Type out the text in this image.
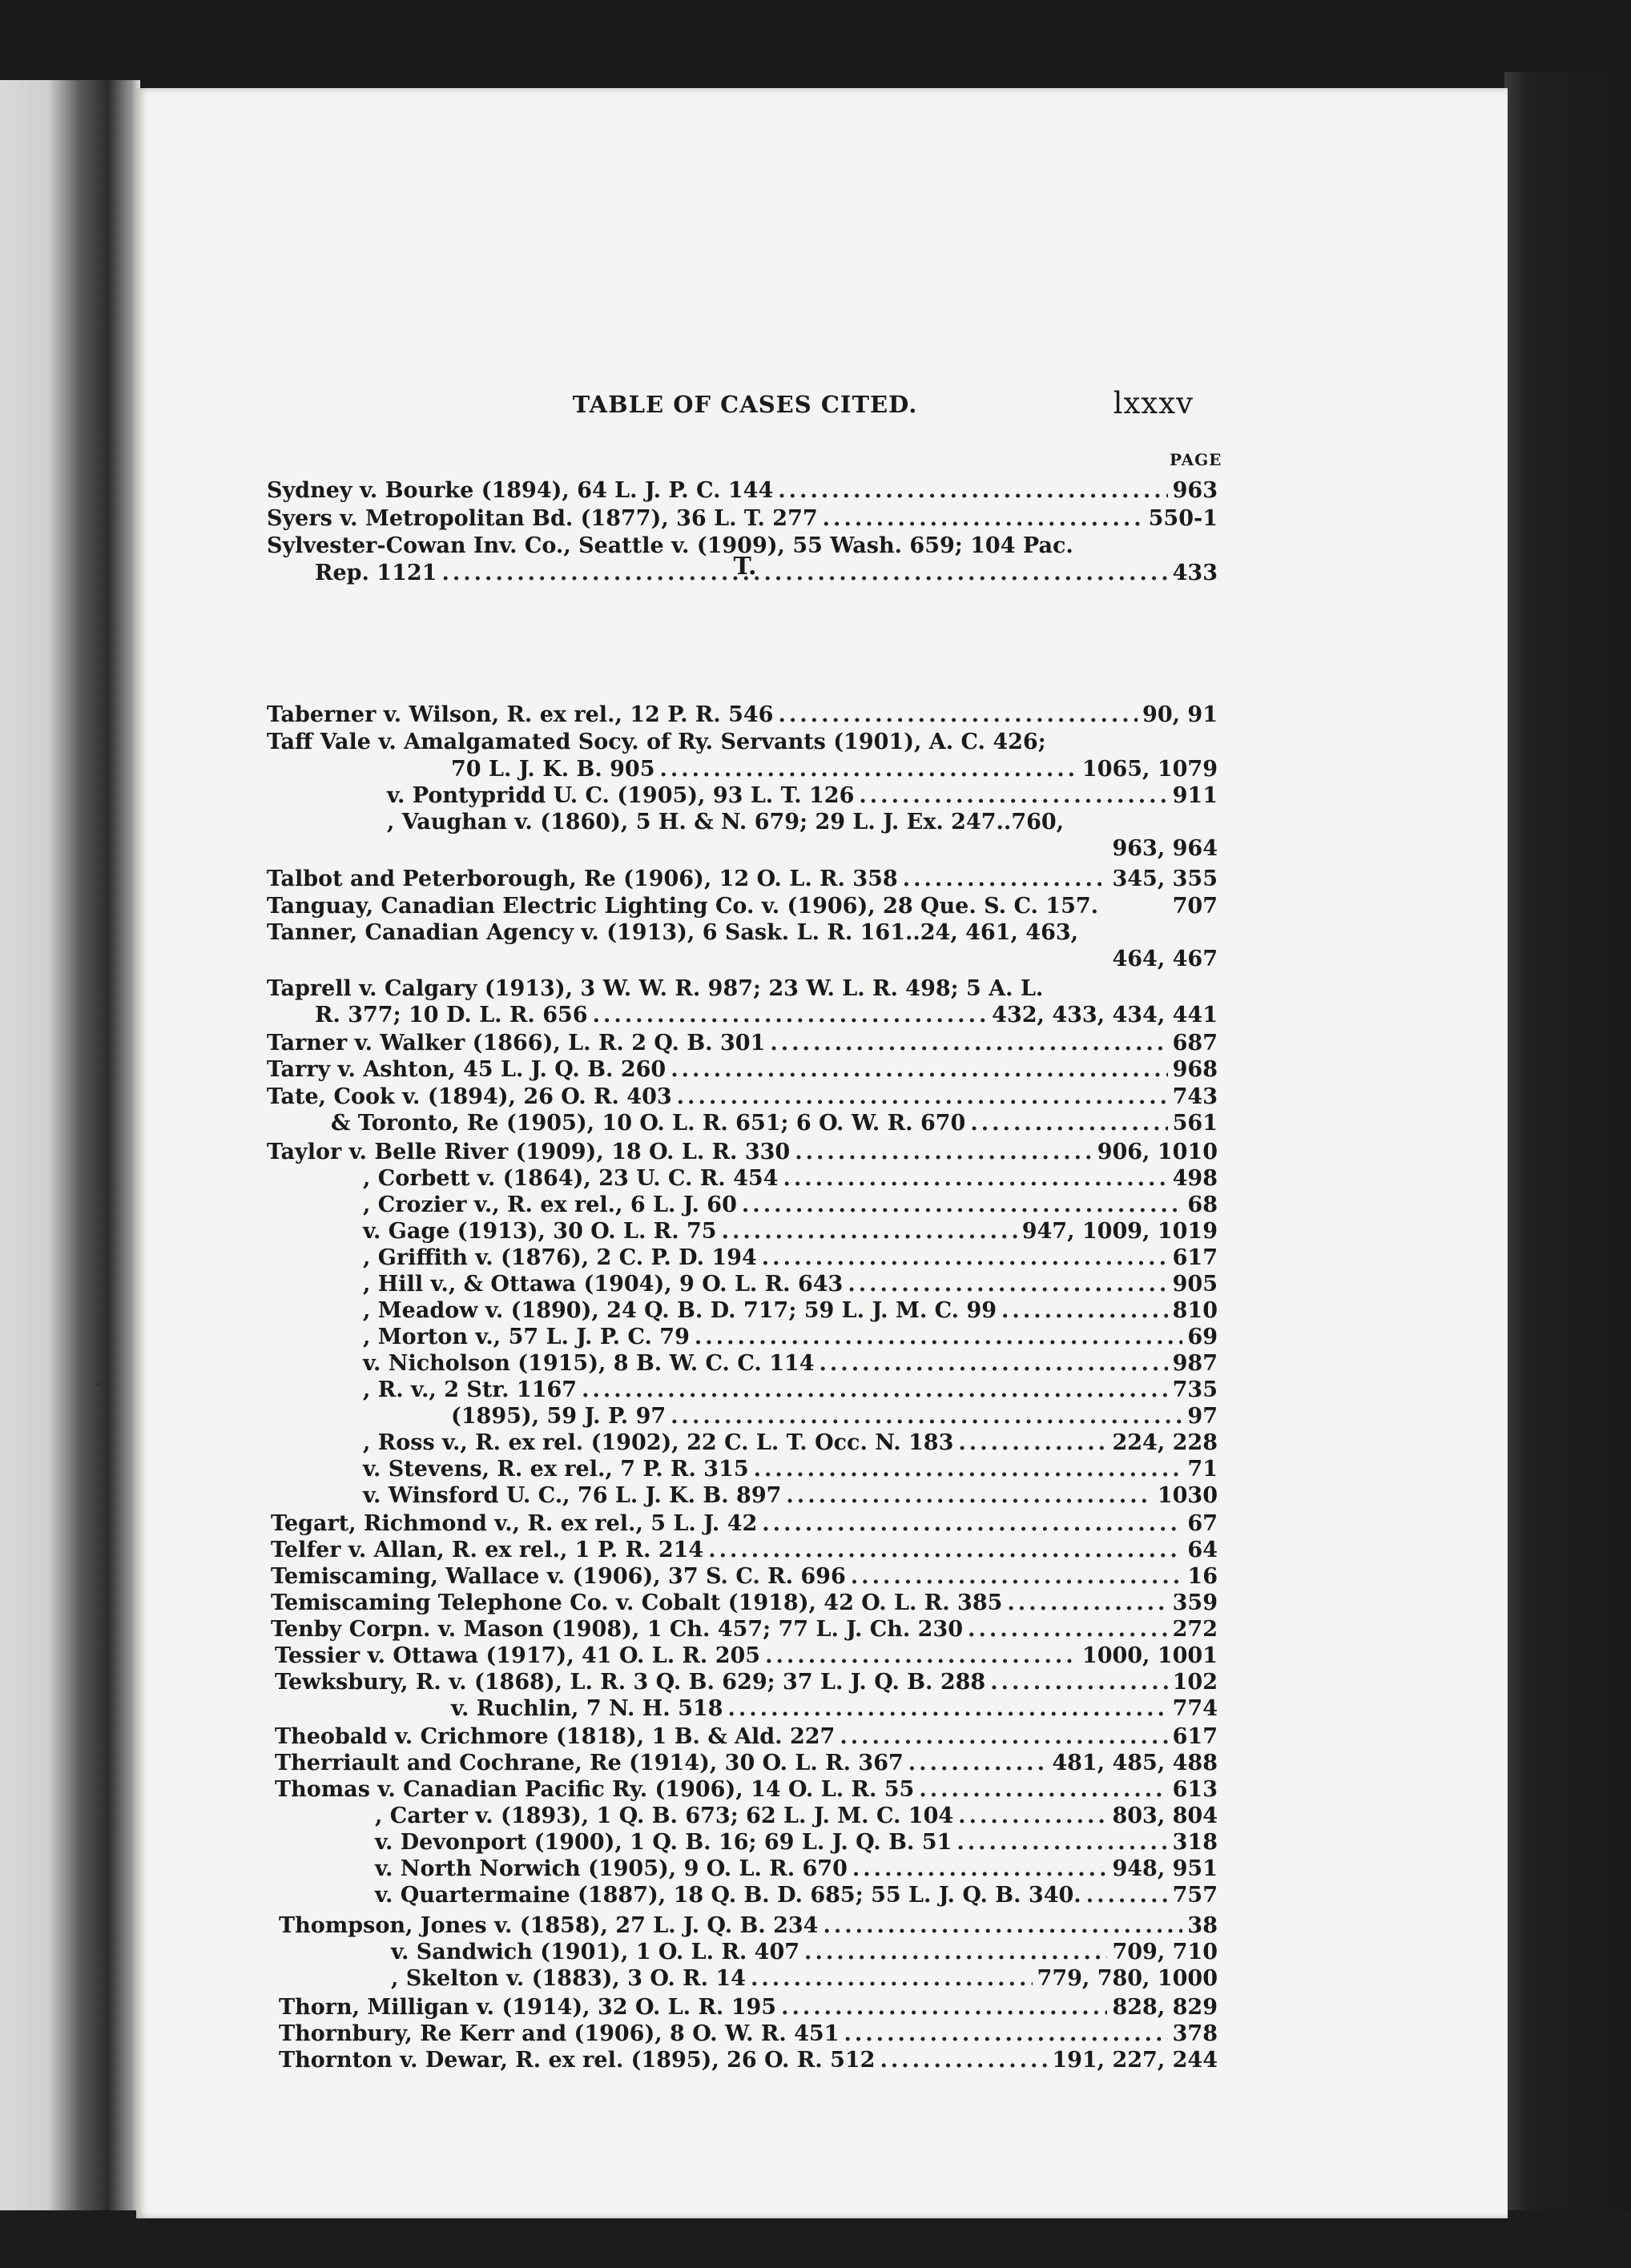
TABLE OF CASES CITED.	lxxxv
PAGE
T.
Sydney v. Bourke (1894), 64 L. J. P. C. 144 .....	963
Syers v. Metropolitan Bd. (1877), 36 L. T. 277 .....	550-1
Sylvester-Cowan Inv. Co., Seattle v. (1909), 55 Wash. 659; 104 Pac.
Rep. 1121 .....	433
Taberner v. Wilson, R. ex rel., 12 P. R. 546 .....	90, 91
Taff Vale v. Amalgamated Socy. of Ry. Servants (1901), A. C. 426;
70 L. J. K. B. 905 .....	1065, 1079
v. Pontypridd U. C. (1905), 93 L. T. 126 .....	911
, Vaughan v. (1860), 5 H. & N. 679; 29 L. J. Ex. 247..760,
963, 964
Talbot and Peterborough, Re (1906), 12 O. L. R. 358 .....	345, 355
Tanguay, Canadian Electric Lighting Co. v. (1906), 28 Que. S. C. 157.	707
Tanner, Canadian Agency v. (1913), 6 Sask. L. R. 161..24, 461, 463,
464, 467
Taprell v. Calgary (1913), 3 W. W. R. 987; 23 W. L. R. 498; 5 A. L.
R. 377; 10 D. L. R. 656 .....	432, 433, 434, 441
Tarner v. Walker (1866), L. R. 2 Q. B. 301 .....	687
Tarry v. Ashton, 45 L. J. Q. B. 260 .....	968
Tate, Cook v. (1894), 26 O. R. 403 .....	743
& Toronto, Re (1905), 10 O. L. R. 651; 6 O. W. R. 670 .....	561
Taylor v. Belle River (1909), 18 O. L. R. 330 .....	906, 1010
, Corbett v. (1864), 23 U. C. R. 454 .....	498
, Crozier v., R. ex rel., 6 L. J. 60 .....	68
v. Gage (1913), 30 O. L. R. 75 .....	947, 1009, 1019
, Griffith v. (1876), 2 C. P. D. 194 .....	617
, Hill v., & Ottawa (1904), 9 O. L. R. 643 .....	905
, Meadow v. (1890), 24 Q. B. D. 717; 59 L. J. M. C. 99 .....	810
, Morton v., 57 L. J. P. C. 79 .....	69
v. Nicholson (1915), 8 B. W. C. C. 114 .....	987
, R. v., 2 Str. 1167 .....	735
(1895), 59 J. P. 97 .....	97
, Ross v., R. ex rel. (1902), 22 C. L. T. Occ. N. 183 .....	224, 228
v. Stevens, R. ex rel., 7 P. R. 315 .....	71
v. Winsford U. C., 76 L. J. K. B. 897 .....	1030
Tegart, Richmond v., R. ex rel., 5 L. J. 42 .....	67
Telfer v. Allan, R. ex rel., 1 P. R. 214 .....	64
Temiscaming, Wallace v. (1906), 37 S. C. R. 696 .....	16
Temiscaming Telephone Co. v. Cobalt (1918), 42 O. L. R. 385 .....	359
Tenby Corpn. v. Mason (1908), 1 Ch. 457; 77 L. J. Ch. 230 .....	272
Tessier v. Ottawa (1917), 41 O. L. R. 205 .....	1000, 1001
Tewksbury, R. v. (1868), L. R. 3 Q. B. 629; 37 L. J. Q. B. 288 .....	102
v. Ruchlin, 7 N. H. 518 .....	774
Theobald v. Crichmore (1818), 1 B. & Ald. 227 .....	617
Therriault and Cochrane, Re (1914), 30 O. L. R. 367 .....	481, 485, 488
Thomas v. Canadian Pacific Ry. (1906), 14 O. L. R. 55 .....	613
, Carter v. (1893), 1 Q. B. 673; 62 L. J. M. C. 104 .....	803, 804
v. Devonport (1900), 1 Q. B. 16; 69 L. J. Q. B. 51 .....	318
v. North Norwich (1905), 9 O. L. R. 670 .....	948, 951
v. Quartermaine (1887), 18 Q. B. D. 685; 55 L. J. Q. B. 340. .....	757
Thompson, Jones v. (1858), 27 L. J. Q. B. 234 .....	38
v. Sandwich (1901), 1 O. L. R. 407 .....	709, 710
, Skelton v. (1883), 3 O. R. 14 .....	779, 780, 1000
Thorn, Milligan v. (1914), 32 O. L. R. 195 .....	828, 829
Thornbury, Re Kerr and (1906), 8 O. W. R. 451 .....	378
Thornton v. Dewar, R. ex rel. (1895), 26 O. R. 512 .....	191, 227, 244
